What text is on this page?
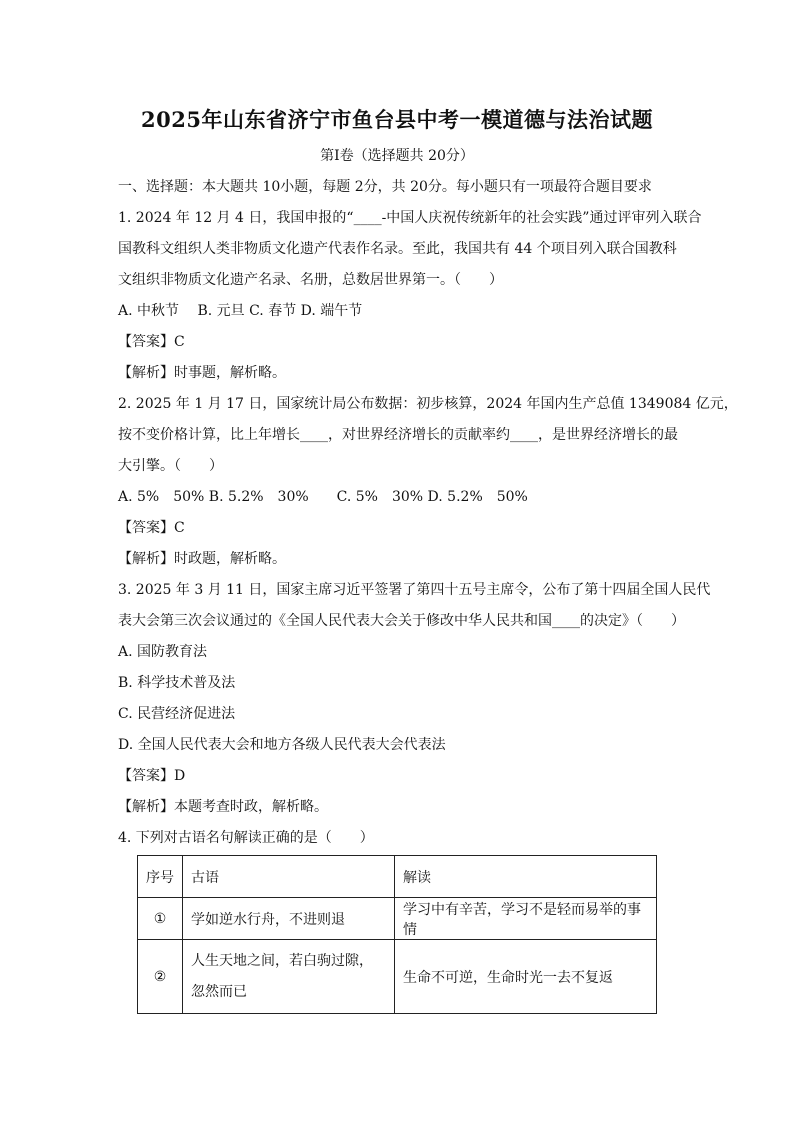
2025年山东省济宁市鱼台县中考一模道德与法治试题
第I卷（选择题共 20分）
一、选择题：本大题共 10小题，每题 2分，共 20分。每小题只有一项最符合题目要求
1. 2024 年 12 月 4 日，我国申报的“____-中国人庆祝传统新年的社会实践”通过评审列入联合
国教科文组织人类非物质文化遗产代表作名录。至此，我国共有 44 个项目列入联合国教科
文组织非物质文化遗产名录、名册，总数居世界第一。（　　）
A. 中秋节　 B. 元旦 C. 春节 D. 端午节
【答案】C
【解析】时事题，解析略。
2. 2025 年 1 月 17 日，国家统计局公布数据：初步核算，2024 年国内生产总值 1349084 亿元，
按不变价格计算，比上年增长____，对世界经济增长的贡献率约____，是世界经济增长的最
大引擎。（　　）
A. 5%　50% B. 5.2%　30%　　C. 5%　30% D. 5.2%　50%
【答案】C
【解析】时政题，解析略。
3. 2025 年 3 月 11 日，国家主席习近平签署了第四十五号主席令，公布了第十四届全国人民代
表大会第三次会议通过的《全国人民代表大会关于修改中华人民共和国____的决定》（　　）
A. 国防教育法
B. 科学技术普及法
C. 民营经济促进法
D. 全国人民代表大会和地方各级人民代表大会代表法
【答案】D
【解析】本题考查时政，解析略。
4. 下列对古语名句解读正确的是（　　）
序号	古语	解读
①	学如逆水行舟，不进则退	学习中有辛苦，学习不是轻而易举的事情
②	人生天地之间，若白驹过隙，
忽然而已	生命不可逆，生命时光一去不复返
